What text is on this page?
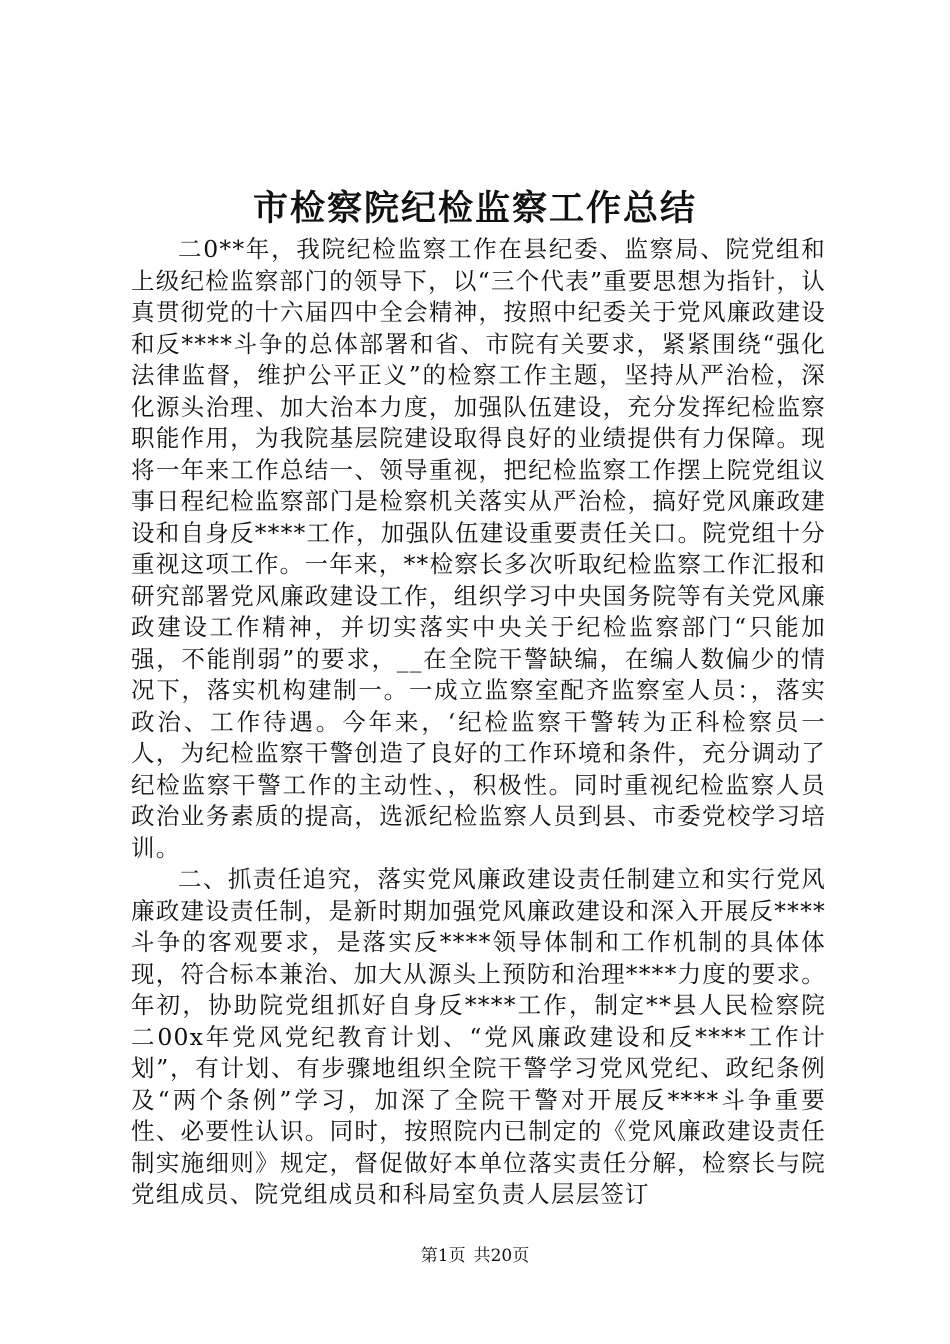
市检察院纪检监察工作总结

二0**年，我院纪检监察工作在县纪委、监察局、院党组和上级纪检监察部门的领导下，以“三个代表”重要思想为指针，认真贯彻党的十六届四中全会精神，按照中纪委关于党风廉政建设和反****斗争的总体部署和省、市院有关要求，紧紧围绕“强化法律监督，维护公平正义”的检察工作主题，坚持从严治检，深化源头治理、加大治本力度，加强队伍建设，充分发挥纪检监察职能作用，为我院基层院建设取得良好的业绩提供有力保障。现将一年来工作总结一、领导重视，把纪检监察工作摆上院党组议事日程纪检监察部门是检察机关落实从严治检，搞好党风廉政建设和自身反****工作，加强队伍建设重要责任关口。院党组十分重视这项工作。一年来，**检察长多次听取纪检监察工作汇报和研究部署党风廉政建设工作，组织学习中央国务院等有关党风廉政建设工作精神，并切实落实中央关于纪检监察部门“只能加强，不能削弱”的要求，__在全院干警缺编，在编人数偏少的情况下，落实机构建制一。一成立监察室配齐监察室人员：，落实政治、工作待遇。今年来，‘纪检监察干警转为正科检察员一人，为纪检监察干警创造了良好的工作环境和条件，充分调动了纪检监察干警工作的主动性、，积极性。同时重视纪检监察人员政治业务素质的提高，选派纪检监察人员到县、市委党校学习培训。

二、抓责任追究，落实党风廉政建设责任制建立和实行党风廉政建设责任制，是新时期加强党风廉政建设和深入开展反****斗争的客观要求，是落实反****领导体制和工作机制的具体体现，符合标本兼治、加大从源头上预防和治理****力度的要求。年初，协助院党组抓好自身反****工作，制定**县人民检察院二00x年党风党纪教育计划、“党风廉政建设和反****工作计划”，有计划、有步骤地组织全院干警学习党风党纪、政纪条例及“两个条例”学习，加深了全院干警对开展反****斗争重要性、必要性认识。同时，按照院内已制定的《党风廉政建设责任制实施细则》规定，督促做好本单位落实责任分解，检察长与院党组成员、院党组成员和科局室负责人层层签订

第1页 共20页
